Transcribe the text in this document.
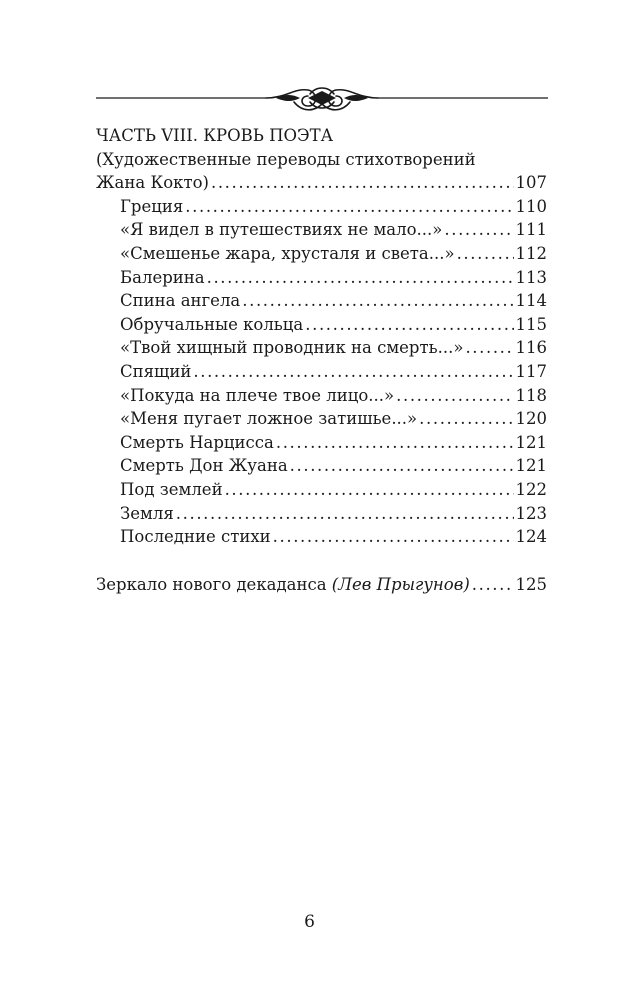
ЧАСТЬ VIII. КРОВЬ ПОЭТА
(Художественные переводы стихотворений
Жана Кокто) .....	107
Греция .....	110
«Я видел в путешествиях не мало...» .....	111
«Смешенье жара, хрусталя и света...» .....	112
Балерина .....	113
Спина ангела .....	114
Обручальные кольца .....	115
«Твой хищный проводник на смерть...» .....	116
Спящий .....	117
«Покуда на плече твое лицо...» .....	118
«Меня пугает ложное затишье...» .....	120
Смерть Нарцисса .....	121
Смерть Дон Жуана .....	121
Под землей .....	122
Земля .....	123
Последние стихи .....	124
Зеркало нового декаданса (Лев Прыгунов) .....	125
6
